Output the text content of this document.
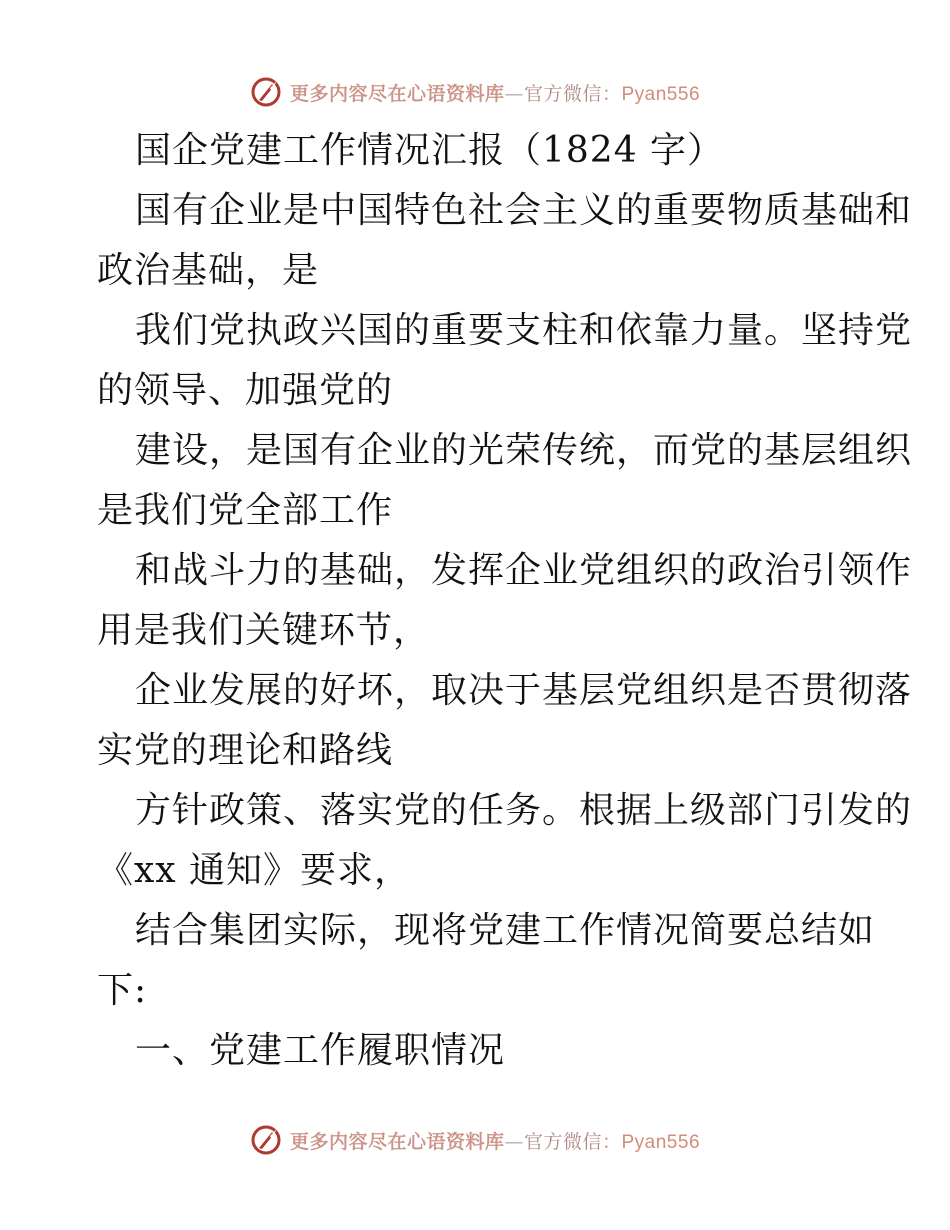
更多内容尽在心语资料库—官方微信：Pyan556
国企党建工作情况汇报（1824 字）
国有企业是中国特色社会主义的重要物质基础和
政治基础，是
我们党执政兴国的重要支柱和依靠力量。坚持党
的领导、加强党的
建设，是国有企业的光荣传统，而党的基层组织
是我们党全部工作
和战斗力的基础，发挥企业党组织的政治引领作
用是我们关键环节，
企业发展的好坏，取决于基层党组织是否贯彻落
实党的理论和路线
方针政策、落实党的任务。根据上级部门引发的
《xx 通知》要求，
结合集团实际，现将党建工作情况简要总结如
下:
一、党建工作履职情况
更多内容尽在心语资料库—官方微信：Pyan556
